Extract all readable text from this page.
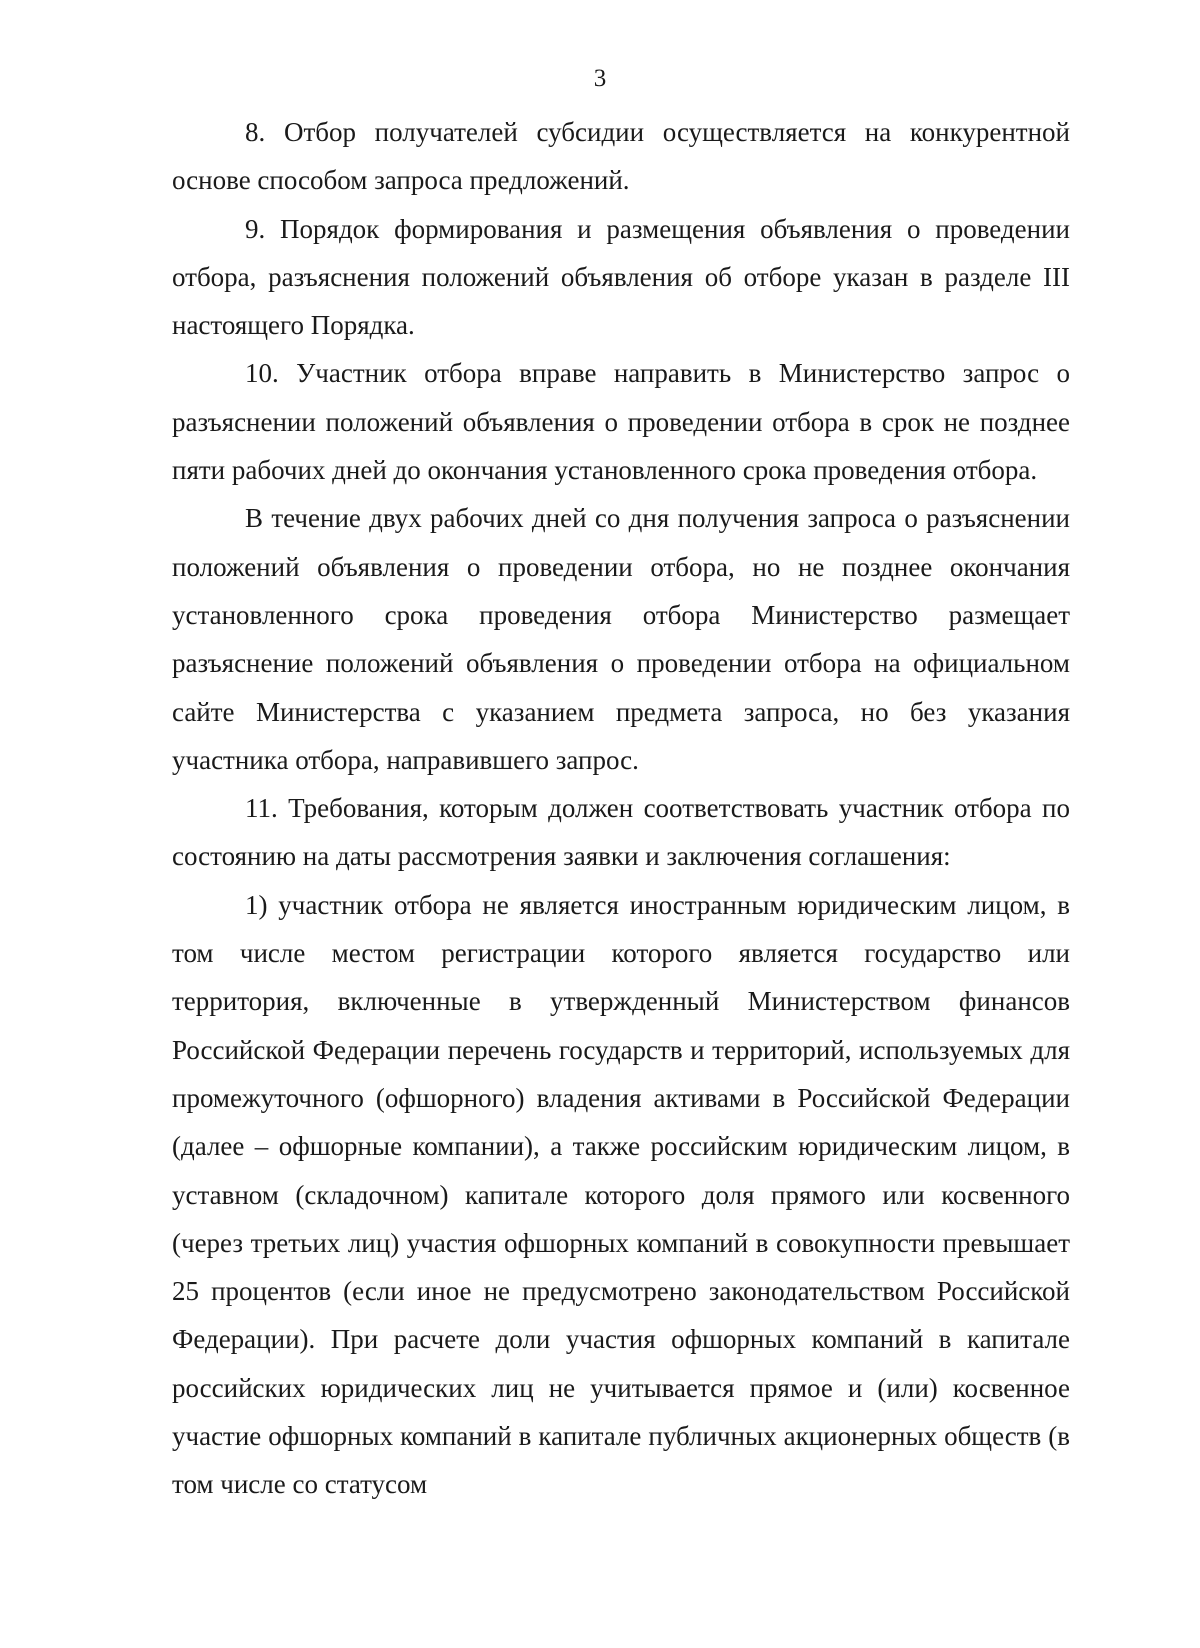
3

8. Отбор получателей субсидии осуществляется на конкурентной основе способом запроса предложений.

9. Порядок формирования и размещения объявления о проведении отбора, разъяснения положений объявления об отборе указан в разделе III настоящего Порядка.

10. Участник отбора вправе направить в Министерство запрос о разъяснении положений объявления о проведении отбора в срок не позднее пяти рабочих дней до окончания установленного срока проведения отбора.

В течение двух рабочих дней со дня получения запроса о разъяснении положений объявления о проведении отбора, но не позднее окончания установленного срока проведения отбора Министерство размещает разъяснение положений объявления о проведении отбора на официальном сайте Министерства с указанием предмета запроса, но без указания участника отбора, направившего запрос.

11. Требования, которым должен соответствовать участник отбора по состоянию на даты рассмотрения заявки и заключения соглашения:

1) участник отбора не является иностранным юридическим лицом, в том числе местом регистрации которого является государство или территория, включенные в утвержденный Министерством финансов Российской Федерации перечень государств и территорий, используемых для промежуточного (офшорного) владения активами в Российской Федерации (далее – офшорные компании), а также российским юридическим лицом, в уставном (складочном) капитале которого доля прямого или косвенного (через третьих лиц) участия офшорных компаний в совокупности превышает 25 процентов (если иное не предусмотрено законодательством Российской Федерации). При расчете доли участия офшорных компаний в капитале российских юридических лиц не учитывается прямое и (или) косвенное участие офшорных компаний в капитале публичных акционерных обществ (в том числе со статусом
